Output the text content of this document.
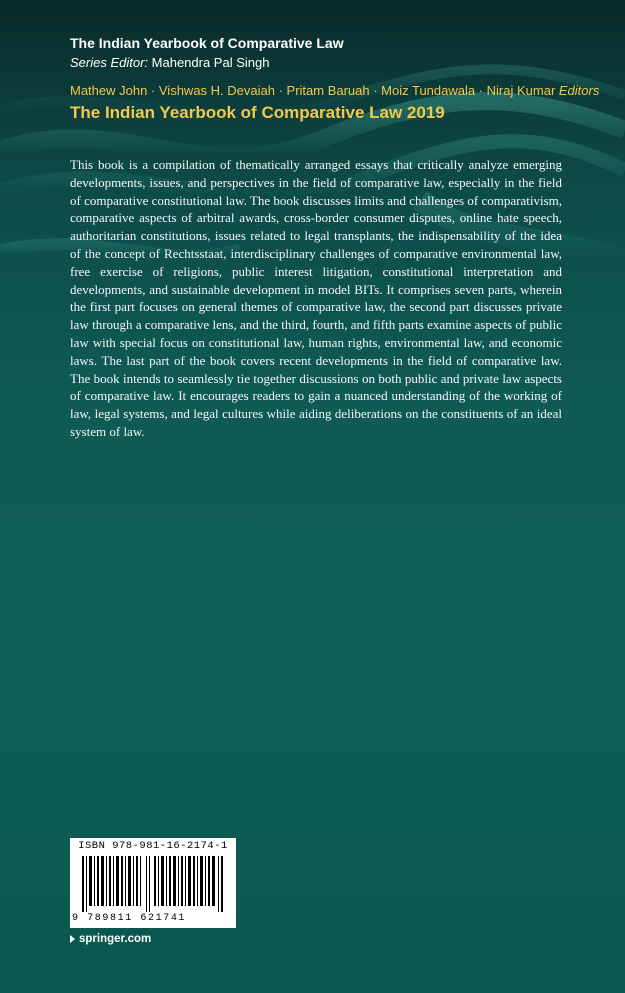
The Indian Yearbook of Comparative Law
Series Editor: Mahendra Pal Singh
Mathew John · Vishwas H. Devaiah · Pritam Baruah · Moiz Tundawala · Niraj Kumar Editors
The Indian Yearbook of Comparative Law 2019

This book is a compilation of thematically arranged essays that critically analyze emerging developments, issues, and perspectives in the field of comparative law, especially in the field of comparative constitutional law. The book discusses limits and challenges of comparativism, comparative aspects of arbitral awards, cross-border consumer disputes, online hate speech, authoritarian constitutions, issues related to legal transplants, the indispensability of the idea of the concept of Rechtsstaat, interdisciplinary challenges of comparative environmental law, free exercise of religions, public interest litigation, constitutional interpretation and developments, and sustainable development in model BITs. It comprises seven parts, wherein the first part focuses on general themes of comparative law, the second part discusses private law through a comparative lens, and the third, fourth, and fifth parts examine aspects of public law with special focus on constitutional law, human rights, environmental law, and economic laws. The last part of the book covers recent developments in the field of comparative law. The book intends to seamlessly tie together discussions on both public and private law aspects of comparative law. It encourages readers to gain a nuanced understanding of the working of law, legal systems, and legal cultures while aiding deliberations on the constituents of an ideal system of law.

ISBN 978-981-16-2174-1
9 789811 621741
springer.com
